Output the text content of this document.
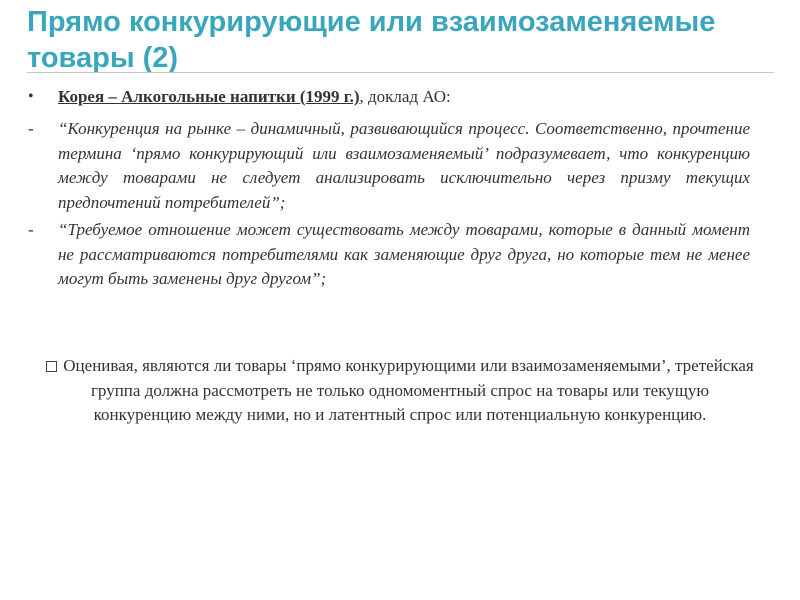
Прямо конкурирующие или взаимозаменяемые товары (2)
• Корея – Алкогольные напитки (1999 г.), доклад АО:
- “Конкуренция на рынке – динамичный, развивающийся процесс. Соответственно, прочтение термина ‘прямо конкурирующий или взаимозаменяемый’ подразумевает, что конкуренцию между товарами не следует анализировать исключительно через призму текущих предпочтений потребителей”;
- “Требуемое отношение может существовать между товарами, которые в данный момент не рассматриваются потребителями как заменяющие друг друга, но которые тем не менее могут быть заменены друг другом”;
Оценивая, являются ли товары ‘прямо конкурирующими или взаимозаменяемыми’, третейская группа должна рассмотреть не только одномоментный спрос на товары или текущую конкуренцию между ними, но и латентный спрос или потенциальную конкуренцию.
